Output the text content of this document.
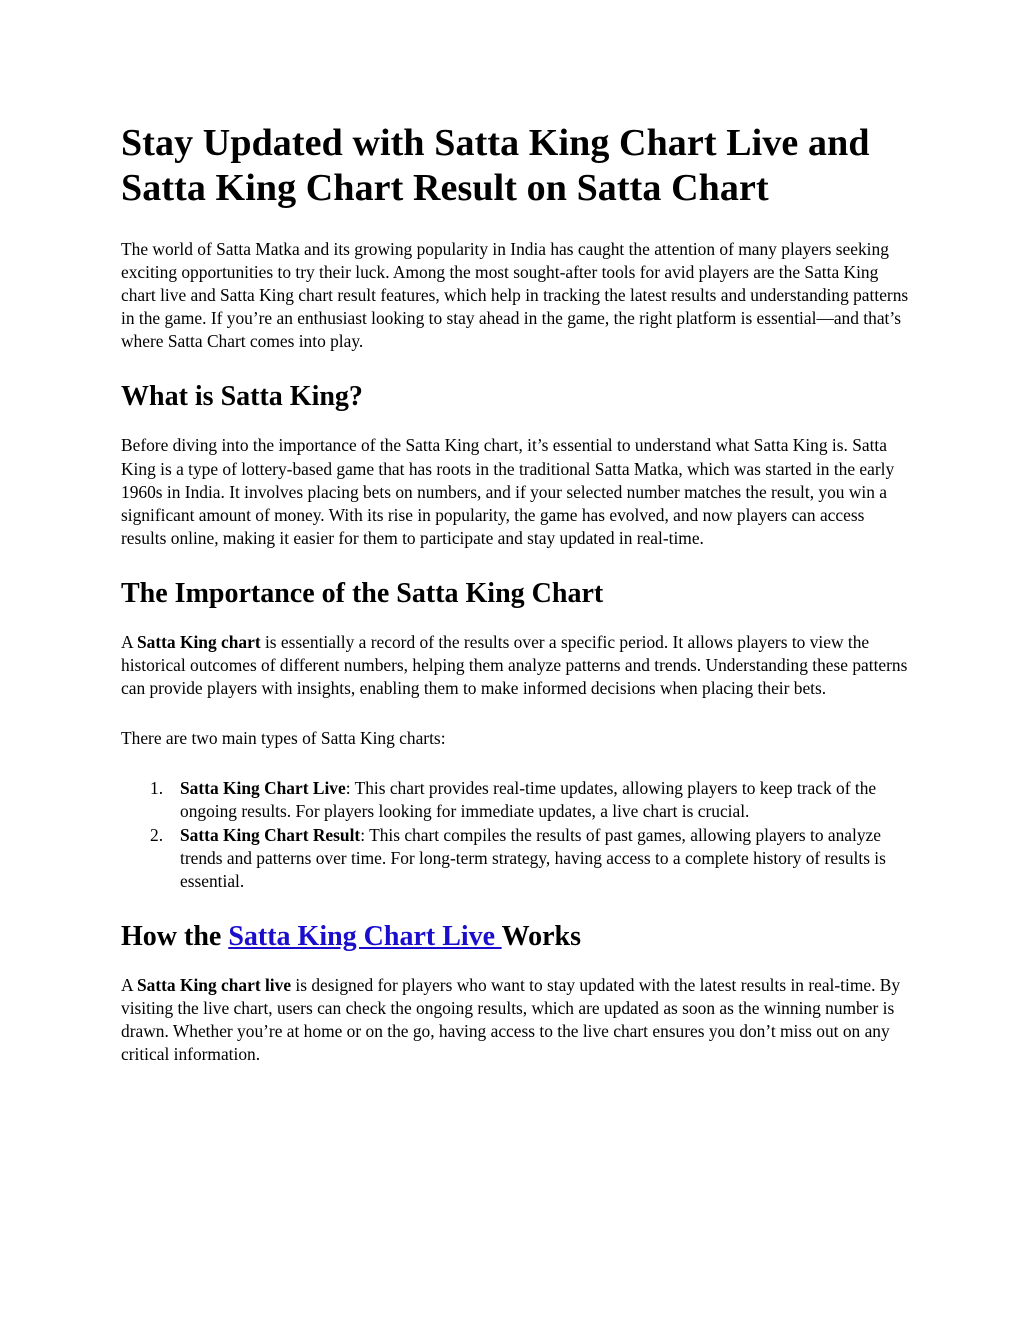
Stay Updated with Satta King Chart Live and Satta King Chart Result on Satta Chart

The world of Satta Matka and its growing popularity in India has caught the attention of many players seeking exciting opportunities to try their luck. Among the most sought-after tools for avid players are the Satta King chart live and Satta King chart result features, which help in tracking the latest results and understanding patterns in the game. If you’re an enthusiast looking to stay ahead in the game, the right platform is essential—and that’s where Satta Chart comes into play.

What is Satta King?

Before diving into the importance of the Satta King chart, it’s essential to understand what Satta King is. Satta King is a type of lottery-based game that has roots in the traditional Satta Matka, which was started in the early 1960s in India. It involves placing bets on numbers, and if your selected number matches the result, you win a significant amount of money. With its rise in popularity, the game has evolved, and now players can access results online, making it easier for them to participate and stay updated in real-time.

The Importance of the Satta King Chart

A Satta King chart is essentially a record of the results over a specific period. It allows players to view the historical outcomes of different numbers, helping them analyze patterns and trends. Understanding these patterns can provide players with insights, enabling them to make informed decisions when placing their bets.

There are two main types of Satta King charts:

1. Satta King Chart Live: This chart provides real-time updates, allowing players to keep track of the ongoing results. For players looking for immediate updates, a live chart is crucial.
2. Satta King Chart Result: This chart compiles the results of past games, allowing players to analyze trends and patterns over time. For long-term strategy, having access to a complete history of results is essential.
How the Satta King Chart Live Works

A Satta King chart live is designed for players who want to stay updated with the latest results in real-time. By visiting the live chart, users can check the ongoing results, which are updated as soon as the winning number is drawn. Whether you’re at home or on the go, having access to the live chart ensures you don’t miss out on any critical information.
